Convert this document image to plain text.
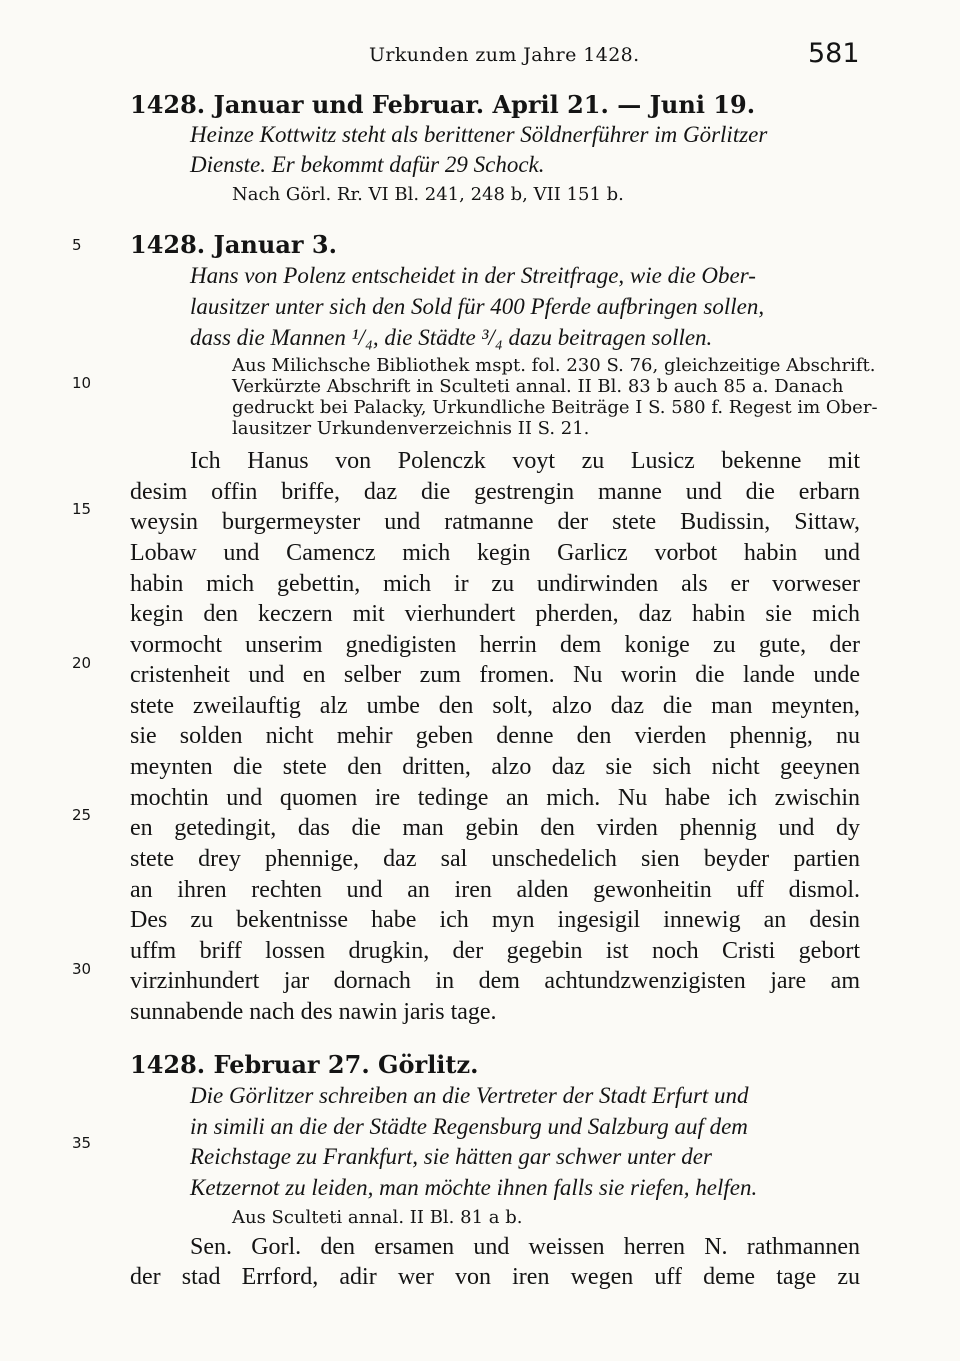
Urkunden zum Jahre 1428.	581
5
10
15
20
25
30
35
1428. Januar und Februar. April 21. — Juni 19.
Heinze Kottwitz steht als berittener Söldnerführer im Görlitzer
Dienste. Er bekommt dafür 29 Schock.
Nach Görl. Rr. VI Bl. 241, 248 b, VII 151 b.
1428. Januar 3.
Hans von Polenz entscheidet in der Streitfrage, wie die Ober-
lausitzer unter sich den Sold für 400 Pferde aufbringen sollen,
dass die Mannen ¹/₄, die Städte ³/₄ dazu beitragen sollen.
Aus Milichsche Bibliothek mspt. fol. 230 S. 76, gleichzeitige Abschrift.
Verkürzte Abschrift in Sculteti annal. II Bl. 83 b auch 85 a. Danach
gedruckt bei Palacky, Urkundliche Beiträge I S. 580 f. Regest im Ober-
lausitzer Urkundenverzeichnis II S. 21.
Ich Hanus von Polenczk voyt zu Lusicz bekenne mit
desim offin briffe, daz die gestrengin manne und die erbarn
weysin burgermeyster und ratmanne der stete Budissin, Sittaw,
Lobaw und Camencz mich kegin Garlicz vorbot habin und
habin mich gebettin, mich ir zu undirwinden als er vorweser
kegin den keczern mit vierhundert pherden, daz habin sie mich
vormocht unserim gnedigisten herrin dem konige zu gute, der
cristenheit und en selber zum fromen. Nu worin die lande unde
stete zweilauftig alz umbe den solt, alzo daz die man meynten,
sie solden nicht mehir geben denne den vierden phennig, nu
meynten die stete den dritten, alzo daz sie sich nicht geeynen
mochtin und quomen ire tedinge an mich. Nu habe ich zwischin
en getedingit, das die man gebin den virden phennig und dy
stete drey phennige, daz sal unschedelich sien beyder partien
an ihren rechten und an iren alden gewonheitin uff dismol.
Des zu bekentnisse habe ich myn ingesigil innewig an desin
uffm briff lossen drugkin, der gegebin ist noch Cristi gebort
virzinhundert jar dornach in dem achtundzwenzigisten jare am
sunnabende nach des nawin jaris tage.
1428. Februar 27. Görlitz.
Die Görlitzer schreiben an die Vertreter der Stadt Erfurt und
in simili an die der Städte Regensburg und Salzburg auf dem
Reichstage zu Frankfurt, sie hätten gar schwer unter der
Ketzernot zu leiden, man möchte ihnen falls sie riefen, helfen.
Aus Sculteti annal. II Bl. 81 a b.
Sen. Gorl. den ersamen und weissen herren N. rathmannen
der stad Errford, adir wer von iren wegen uff deme tage zu
